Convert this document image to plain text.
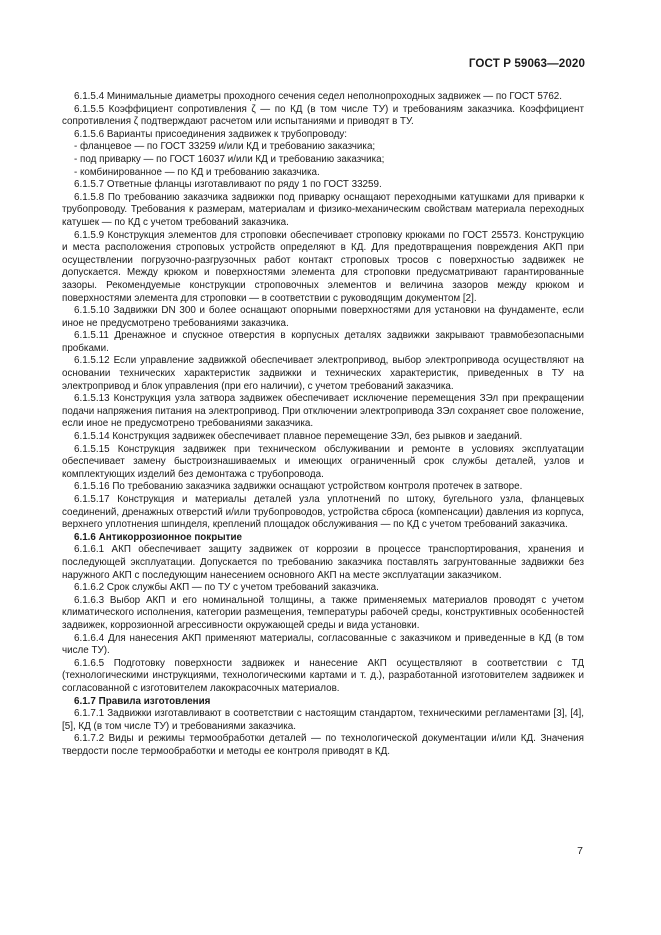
ГОСТ Р 59063—2020

6.1.5.4 Минимальные диаметры проходного сечения седел неполнопроходных задвижек — по ГОСТ 5762.

6.1.5.5 Коэффициент сопротивления ζ — по КД (в том числе ТУ) и требованиям заказчика. Коэффициент сопротивления ζ подтверждают расчетом или испытаниями и приводят в ТУ.

6.1.5.6 Варианты присоединения задвижек к трубопроводу:

- фланцевое — по ГОСТ 33259 и/или КД и требованию заказчика;

- под приварку — по ГОСТ 16037 и/или КД и требованию заказчика;

- комбинированное — по КД и требованию заказчика.

6.1.5.7 Ответные фланцы изготавливают по ряду 1 по ГОСТ 33259.

6.1.5.8 По требованию заказчика задвижки под приварку оснащают переходными катушками для приварки к трубопроводу. Требования к размерам, материалам и физико-механическим свойствам материала переходных катушек — по КД с учетом требований заказчика.

6.1.5.9 Конструкция элементов для строповки обеспечивает строповку крюками по ГОСТ 25573. Конструкцию и места расположения строповых устройств определяют в КД. Для предотвращения повреждения АКП при осуществлении погрузочно-разгрузочных работ контакт строповых тросов с поверхностью задвижек не допускается. Между крюком и поверхностями элемента для строповки предусматривают гарантированные зазоры. Рекомендуемые конструкции строповочных элементов и величина зазоров между крюком и поверхностями элемента для строповки — в соответствии с руководящим документом [2].

6.1.5.10 Задвижки DN 300 и более оснащают опорными поверхностями для установки на фундаменте, если иное не предусмотрено требованиями заказчика.

6.1.5.11 Дренажное и спускное отверстия в корпусных деталях задвижки закрывают травмобезопасными пробками.

6.1.5.12 Если управление задвижкой обеспечивает электропривод, выбор электропривода осуществляют на основании технических характеристик задвижки и технических характеристик, приведенных в ТУ на электропривод и блок управления (при его наличии), с учетом требований заказчика.

6.1.5.13 Конструкция узла затвора задвижек обеспечивает исключение перемещения ЗЭл при прекращении подачи напряжения питания на электропривод. При отключении электропривода ЗЭл сохраняет свое положение, если иное не предусмотрено требованиями заказчика.

6.1.5.14 Конструкция задвижек обеспечивает плавное перемещение ЗЭл, без рывков и заеданий.

6.1.5.15 Конструкция задвижек при техническом обслуживании и ремонте в условиях эксплуатации обеспечивает замену быстроизнашиваемых и имеющих ограниченный срок службы деталей, узлов и комплектующих изделий без демонтажа с трубопровода.

6.1.5.16 По требованию заказчика задвижки оснащают устройством контроля протечек в затворе.

6.1.5.17 Конструкция и материалы деталей узла уплотнений по штоку, бугельного узла, фланцевых соединений, дренажных отверстий и/или трубопроводов, устройства сброса (компенсации) давления из корпуса, верхнего уплотнения шпинделя, креплений площадок обслуживания — по КД с учетом требований заказчика.

6.1.6 Антикоррозионное покрытие

6.1.6.1 АКП обеспечивает защиту задвижек от коррозии в процессе транспортирования, хранения и последующей эксплуатации. Допускается по требованию заказчика поставлять загрунтованные задвижки без наружного АКП с последующим нанесением основного АКП на месте эксплуатации заказчиком.

6.1.6.2 Срок службы АКП — по ТУ с учетом требований заказчика.

6.1.6.3 Выбор АКП и его номинальной толщины, а также применяемых материалов проводят с учетом климатического исполнения, категории размещения, температуры рабочей среды, конструктивных особенностей задвижек, коррозионной агрессивности окружающей среды и вида установки.

6.1.6.4 Для нанесения АКП применяют материалы, согласованные с заказчиком и приведенные в КД (в том числе ТУ).

6.1.6.5 Подготовку поверхности задвижек и нанесение АКП осуществляют в соответствии с ТД (технологическими инструкциями, технологическими картами и т. д.), разработанной изготовителем задвижек и согласованной с изготовителем лакокрасочных материалов.

6.1.7 Правила изготовления

6.1.7.1 Задвижки изготавливают в соответствии с настоящим стандартом, техническими регламентами [3], [4], [5], КД (в том числе ТУ) и требованиями заказчика.

6.1.7.2 Виды и режимы термообработки деталей — по технологической документации и/или КД. Значения твердости после термообработки и методы ее контроля приводят в КД.

7
